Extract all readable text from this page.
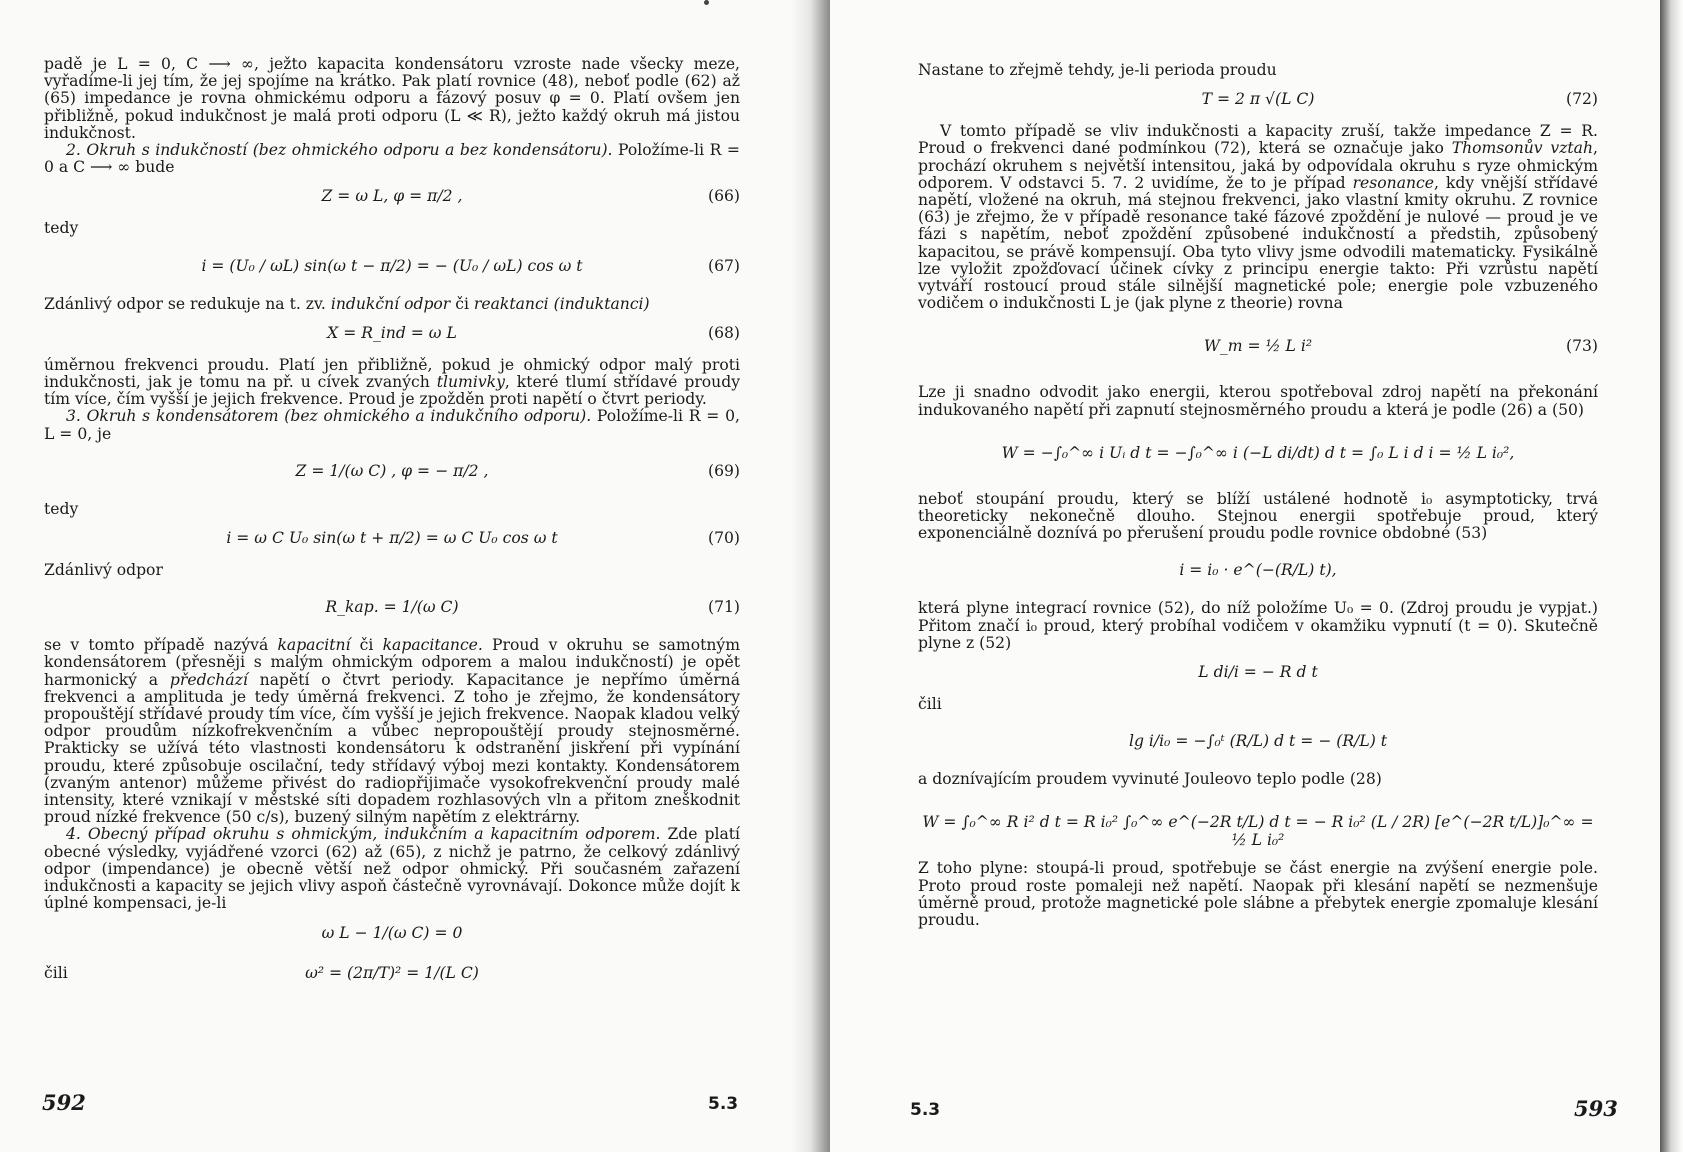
padě je L = 0, C ⟶ ∞, ježto kapacita kondensátoru vzroste nade všecky meze, vyřadíme-li jej tím, že jej spojíme na krátko. Pak platí rovnice (48), neboť podle (62) až (65) impedance je rovna ohmickému odporu a fázový posuv φ = 0. Platí ovšem jen přibližně, pokud indukčnost je malá proti odporu (L ≪ R), ježto každý okruh má jistou indukčnost.

2. Okruh s indukčností (bez ohmického odporu a bez kondensátoru). Položíme-li R = 0 a C ⟶ ∞ bude

Z = ω L, φ = π/2 ,	(66)

tedy

i = (U₀ / ωL) sin(ω t − π/2) = − (U₀ / ωL) cos ω t	(67)

Zdánlivý odpor se redukuje na t. zv. indukční odpor či reaktanci (induktanci)

X = R_ind = ω L	(68)

úměrnou frekvenci proudu. Platí jen přibližně, pokud je ohmický odpor malý proti indukčnosti, jak je tomu na př. u cívek zvaných tlumivky, které tlumí střídavé proudy tím více, čím vyšší je jejich frekvence. Proud je zpožděn proti napětí o čtvrt periody.

3. Okruh s kondensátorem (bez ohmického a indukčního odporu). Položíme-li R = 0, L = 0, je

Z = 1/(ω C) , φ = − π/2 ,	(69)

tedy

i = ω C U₀ sin(ω t + π/2) = ω C U₀ cos ω t	(70)

Zdánlivý odpor

R_kap. = 1/(ω C)	(71)

se v tomto případě nazývá kapacitní či kapacitance. Proud v okruhu se samotným kondensátorem (přesněji s malým ohmickým odporem a malou indukčností) je opět harmonický a předchází napětí o čtvrt periody. Kapacitance je nepřímo úměrná frekvenci a amplituda je tedy úměrná frekvenci. Z toho je zřejmo, že kondensátory propouštějí střídavé proudy tím více, čím vyšší je jejich frekvence. Naopak kladou velký odpor proudům nízkofrekvenčním a vůbec nepropouštějí proudy stejnosměrné. Prakticky se užívá této vlastnosti kondensátoru k odstranění jiskření při vypínání proudu, které způsobuje oscilační, tedy střídavý výboj mezi kontakty. Kondensátorem (zvaným antenor) můžeme přivést do radiopřijimače vysokofrekvenční proudy malé intensity, které vznikají v městské síti dopadem rozhlasových vln a přitom zneškodnit proud nízké frekvence (50 c/s), buzený silným napětím z elektrárny.

4. Obecný případ okruhu s ohmickým, indukčním a kapacitním odporem. Zde platí obecné výsledky, vyjádřené vzorci (62) až (65), z nichž je patrno, že celkový zdánlivý odpor (impendance) je obecně větší než odpor ohmický. Při současném zařazení indukčnosti a kapacity se jejich vlivy aspoň částečně vyrovnávají. Dokonce může dojít k úplné kompensaci, je-li

ω L − 1/(ω C) = 0
čili	ω² = (2π/T)² = 1/(L C)
592	5.3

Nastane to zřejmě tehdy, je-li perioda proudu

T = 2 π √(L C)	(72)

V tomto případě se vliv indukčnosti a kapacity zruší, takže impedance Z = R. Proud o frekvenci dané podmínkou (72), která se označuje jako Thomsonův vztah, prochází okruhem s největší intensitou, jaká by odpovídala okruhu s ryze ohmickým odporem. V odstavci 5. 7. 2 uvidíme, že to je případ resonance, kdy vnější střídavé napětí, vložené na okruh, má stejnou frekvenci, jako vlastní kmity okruhu. Z rovnice (63) je zřejmo, že v případě resonance také fázové zpoždění je nulové — proud je ve fázi s napětím, neboť zpoždění způsobené indukčností a předstih, způsobený kapacitou, se právě kompensují. Oba tyto vlivy jsme odvodili matematicky. Fysikálně lze vyložit zpožďovací účinek cívky z principu energie takto: Při vzrůstu napětí vytváří rostoucí proud stále silnější magnetické pole; energie pole vzbuzeného vodičem o indukčnosti L je (jak plyne z theorie) rovna

W_m = ½ L i²	(73)

Lze ji snadno odvodit jako energii, kterou spotřeboval zdroj napětí na překonání indukovaného napětí při zapnutí stejnosměrného proudu a která je podle (26) a (50)

W = −∫₀^∞ i Uᵢ d t = −∫₀^∞ i (−L di/dt) d t = ∫₀ L i d i = ½ L i₀²,

neboť stoupání proudu, který se blíží ustálené hodnotě i₀ asymptoticky, trvá theoreticky nekonečně dlouho. Stejnou energii spotřebuje proud, který exponenciálně doznívá po přerušení proudu podle rovnice obdobné (53)

i = i₀ · e^(−(R/L) t),

která plyne integrací rovnice (52), do níž položíme U₀ = 0. (Zdroj proudu je vypjat.) Přitom značí i₀ proud, který probíhal vodičem v okamžiku vypnutí (t = 0). Skutečně plyne z (52)

L di/i = − R d t

čili

lg i/i₀ = −∫₀ᵗ (R/L) d t = − (R/L) t

a doznívajícím proudem vyvinuté Jouleovo teplo podle (28)

W = ∫₀^∞ R i² d t = R i₀² ∫₀^∞ e^(−2R t/L) d t = − R i₀² (L / 2R) [e^(−2R t/L)]₀^∞ = ½ L i₀²

Z toho plyne: stoupá-li proud, spotřebuje se část energie na zvýšení energie pole. Proto proud roste pomaleji než napětí. Naopak při klesání napětí se nezmenšuje úměrně proud, protože magnetické pole slábne a přebytek energie zpomaluje klesání proudu.

5.3	593
